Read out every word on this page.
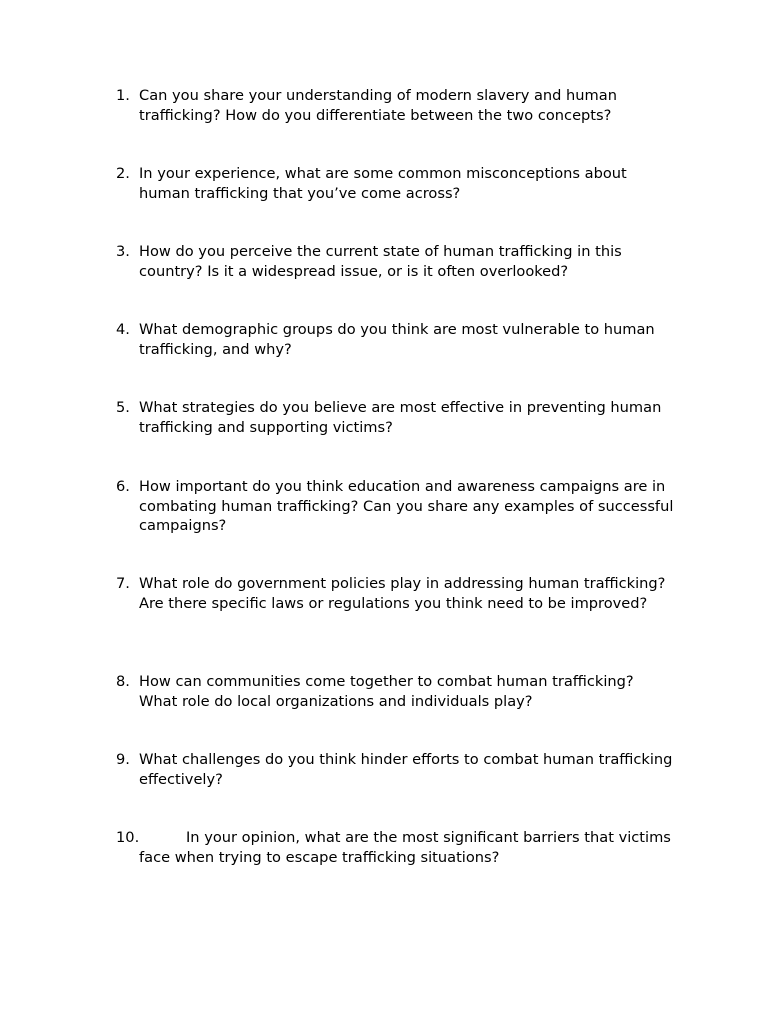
1. Can you share your understanding of modern slavery and human trafficking? How do you differentiate between the two concepts?
2. In your experience, what are some common misconceptions about human trafficking that you’ve come across?
3. How do you perceive the current state of human trafficking in this country? Is it a widespread issue, or is it often overlooked?
4. What demographic groups do you think are most vulnerable to human trafficking, and why?
5. What strategies do you believe are most effective in preventing human trafficking and supporting victims?
6. How important do you think education and awareness campaigns are in combating human trafficking? Can you share any examples of successful campaigns?
7. What role do government policies play in addressing human trafficking? Are there specific laws or regulations you think need to be improved?
8. How can communities come together to combat human trafficking? What role do local organizations and individuals play?
9. What challenges do you think hinder efforts to combat human trafficking effectively?
10.	In your opinion, what are the most significant barriers that victims face when trying to escape trafficking situations?
